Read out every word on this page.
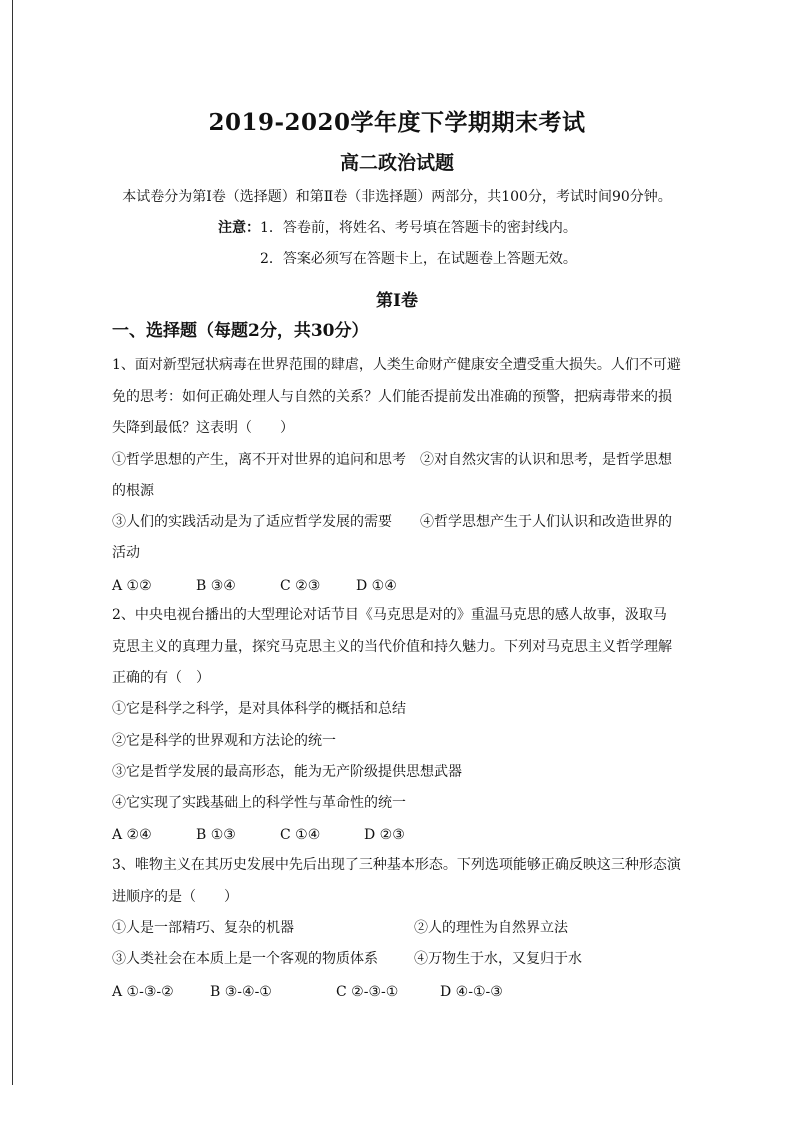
2019-2020学年度下学期期末考试
高二政治试题
本试卷分为第Ⅰ卷（选择题）和第Ⅱ卷（非选择题）两部分，共100分，考试时间90分钟。
注意：1．答卷前，将姓名、考号填在答题卡的密封线内。
2．答案必须写在答题卡上，在试题卷上答题无效。
第Ⅰ卷
一、选择题（每题2分，共30分）
1、面对新型冠状病毒在世界范围的肆虐，人类生命财产健康安全遭受重大损失。人们不可避
免的思考：如何正确处理人与自然的关系？人们能否提前发出准确的预警，把病毒带来的损
失降到最低？这表明（　　）
①哲学思想的产生，离不开对世界的追问和思考　②对自然灾害的认识和思考，是哲学思想
的根源
③人们的实践活动是为了适应哲学发展的需要　　④哲学思想产生于人们认识和改造世界的
活动
A ①②	B ③④	C ②③	D ①④
2、中央电视台播出的大型理论对话节目《马克思是对的》重温马克思的感人故事，汲取马
克思主义的真理力量，探究马克思主义的当代价值和持久魅力。下列对马克思主义哲学理解
正确的有（　）
①它是科学之科学，是对具体科学的概括和总结
②它是科学的世界观和方法论的统一
③它是哲学发展的最高形态，能为无产阶级提供思想武器
④它实现了实践基础上的科学性与革命性的统一
A ②④	B ①③	C ①④	D ②③
3、唯物主义在其历史发展中先后出现了三种基本形态。下列选项能够正确反映这三种形态演
进顺序的是（　　）
①人是一部精巧、复杂的机器	②人的理性为自然界立法
③人类社会在本质上是一个客观的物质体系	④万物生于水，又复归于水
A ①-③-②	B ③-④-①	C ②-③-①	D ④-①-③
